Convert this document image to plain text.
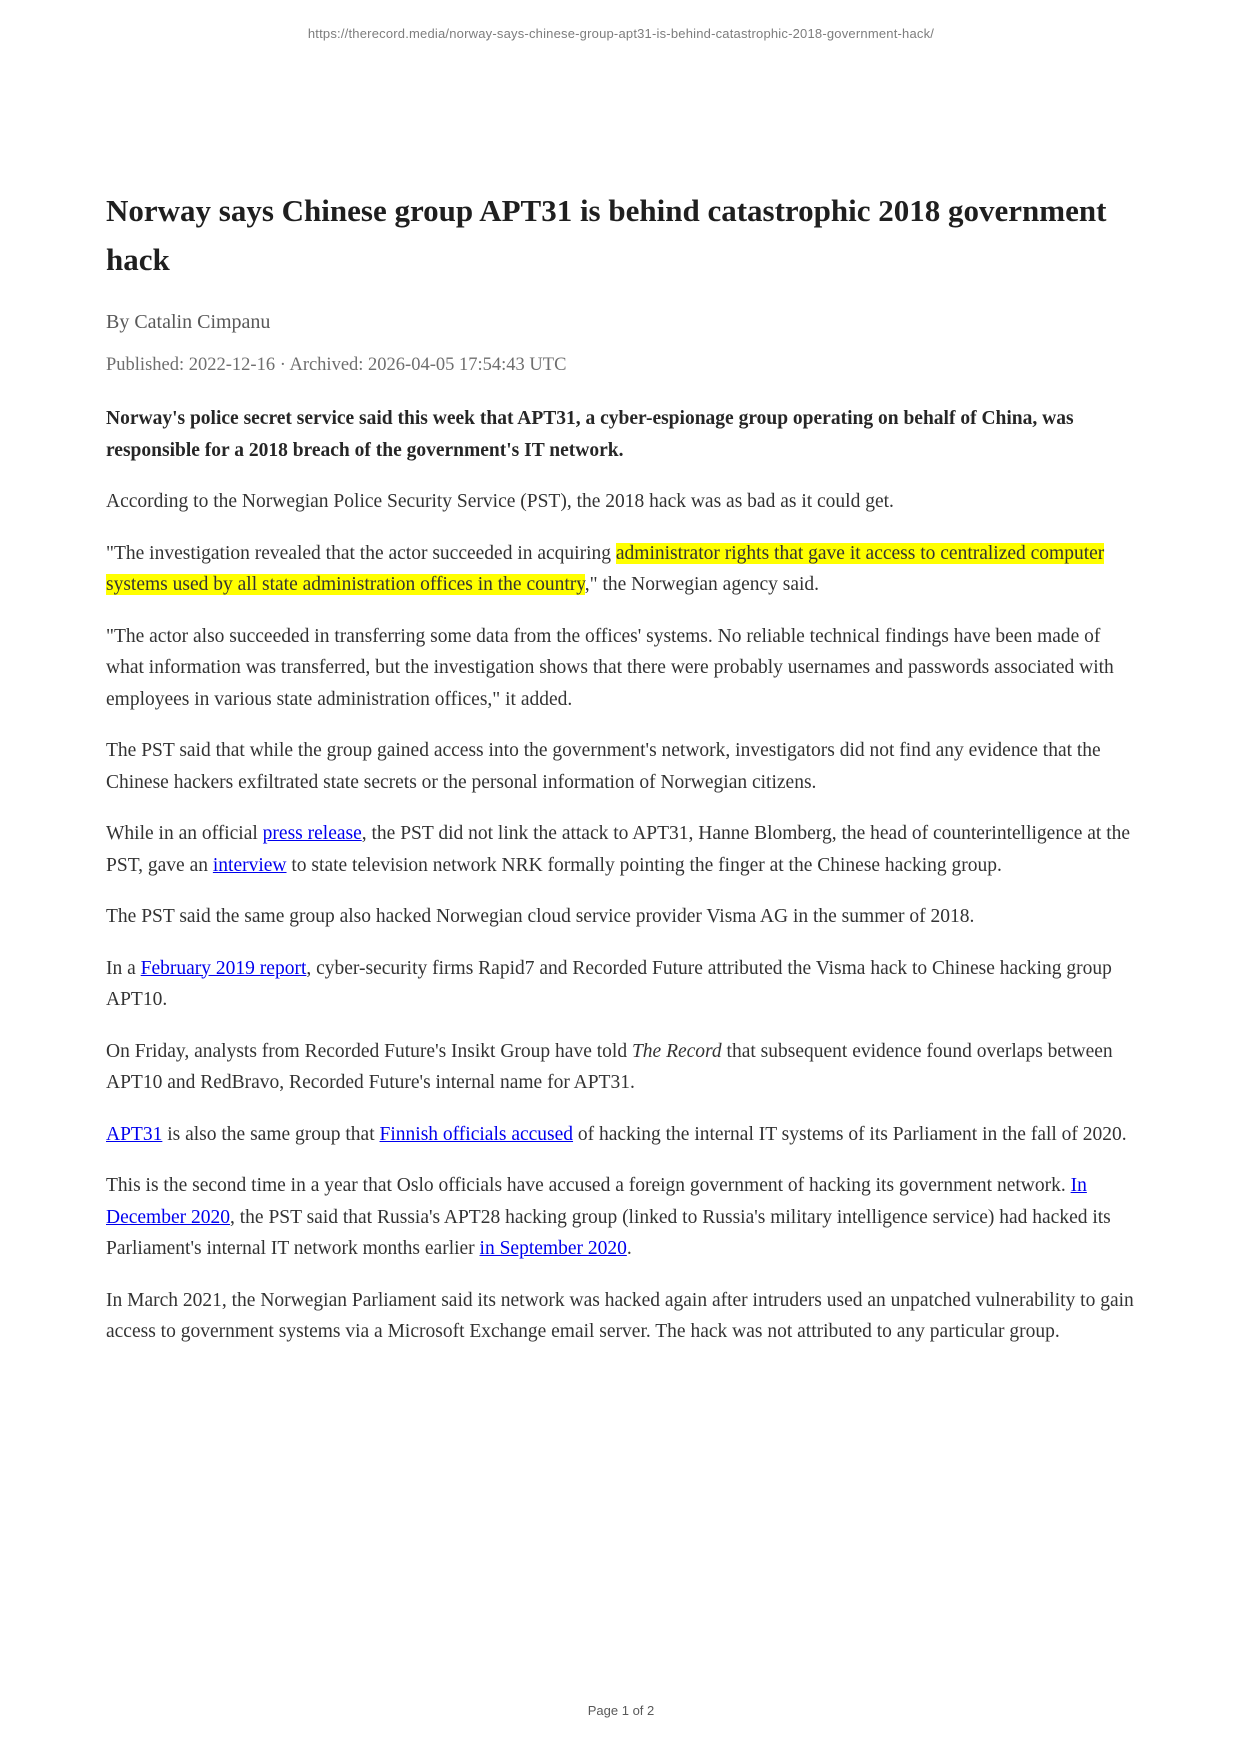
https://therecord.media/norway-says-chinese-group-apt31-is-behind-catastrophic-2018-government-hack/
Norway says Chinese group APT31 is behind catastrophic 2018 government hack
By Catalin Cimpanu
Published: 2022-12-16 · Archived: 2026-04-05 17:54:43 UTC
Norway's police secret service said this week that APT31, a cyber-espionage group operating on behalf of China, was responsible for a 2018 breach of the government's IT network.

According to the Norwegian Police Security Service (PST), the 2018 hack was as bad as it could get.

"The investigation revealed that the actor succeeded in acquiring administrator rights that gave it access to centralized computer systems used by all state administration offices in the country," the Norwegian agency said.

"The actor also succeeded in transferring some data from the offices' systems. No reliable technical findings have been made of what information was transferred, but the investigation shows that there were probably usernames and passwords associated with employees in various state administration offices," it added.

The PST said that while the group gained access into the government's network, investigators did not find any evidence that the Chinese hackers exfiltrated state secrets or the personal information of Norwegian citizens.

While in an official press release, the PST did not link the attack to APT31, Hanne Blomberg, the head of counterintelligence at the PST, gave an interview to state television network NRK formally pointing the finger at the Chinese hacking group.

The PST said the same group also hacked Norwegian cloud service provider Visma AG in the summer of 2018.

In a February 2019 report, cyber-security firms Rapid7 and Recorded Future attributed the Visma hack to Chinese hacking group APT10.

On Friday, analysts from Recorded Future's Insikt Group have told The Record that subsequent evidence found overlaps between APT10 and RedBravo, Recorded Future's internal name for APT31.

APT31 is also the same group that Finnish officials accused of hacking the internal IT systems of its Parliament in the fall of 2020.

This is the second time in a year that Oslo officials have accused a foreign government of hacking its government network. In December 2020, the PST said that Russia's APT28 hacking group (linked to Russia's military intelligence service) had hacked its Parliament's internal IT network months earlier in September 2020.

In March 2021, the Norwegian Parliament said its network was hacked again after intruders used an unpatched vulnerability to gain access to government systems via a Microsoft Exchange email server. The hack was not attributed to any particular group.

Page 1 of 2
